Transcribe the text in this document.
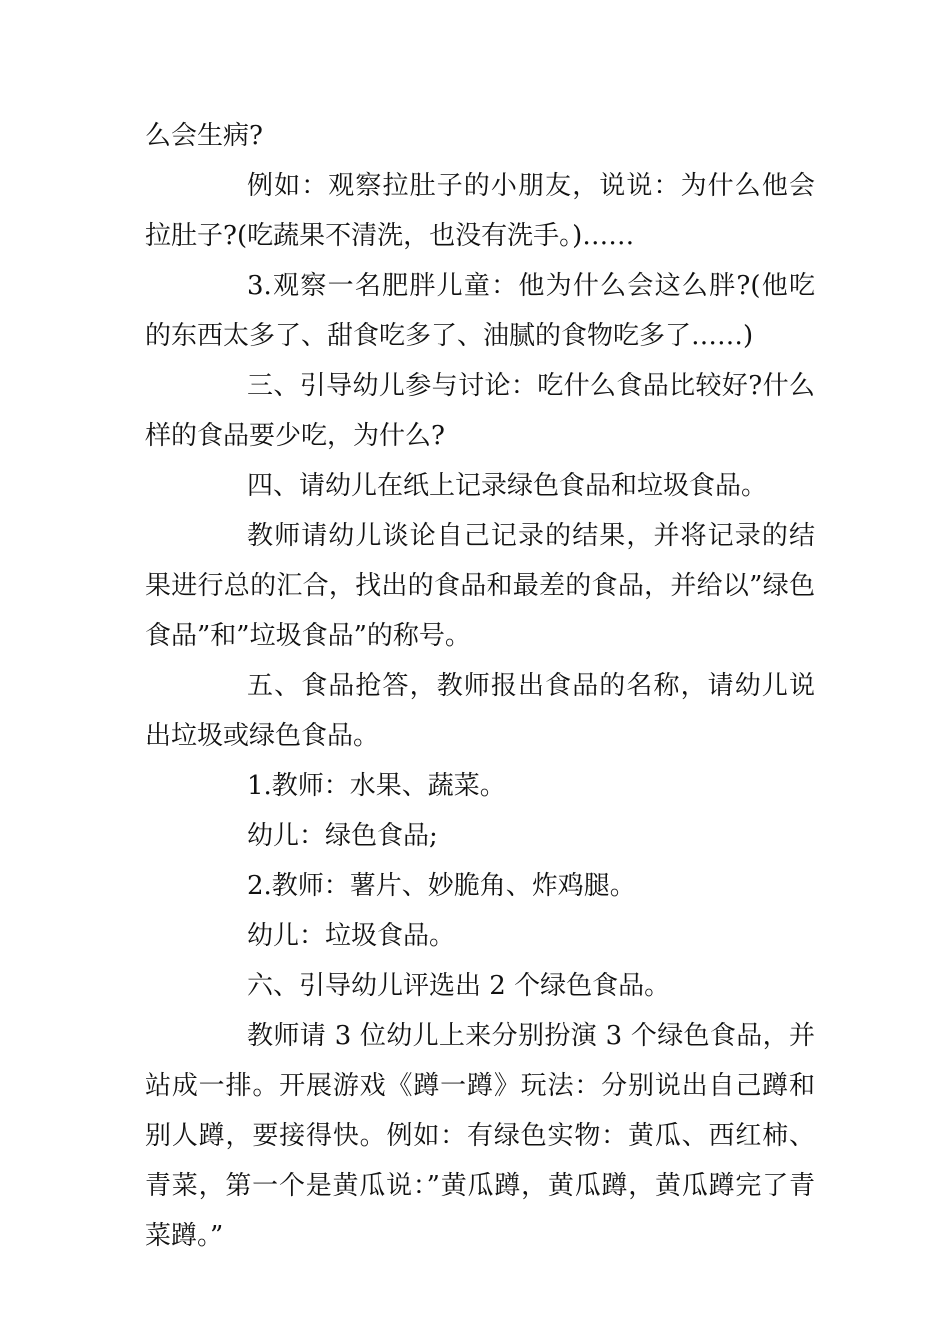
么会生病?

例如：观察拉肚子的小朋友，说说：为什么他会拉肚子?(吃蔬果不清洗，也没有洗手。)……

3.观察一名肥胖儿童：他为什么会这么胖?(他吃的东西太多了、甜食吃多了、油腻的食物吃多了……)

三、引导幼儿参与讨论：吃什么食品比较好?什么样的食品要少吃，为什么?

四、请幼儿在纸上记录绿色食品和垃圾食品。

教师请幼儿谈论自己记录的结果，并将记录的结果进行总的汇合，找出的食品和最差的食品，并给以”绿色食品”和”垃圾食品”的称号。

五、食品抢答，教师报出食品的名称，请幼儿说出垃圾或绿色食品。

1.教师：水果、蔬菜。

幼儿：绿色食品;

2.教师：薯片、妙脆角、炸鸡腿。

幼儿：垃圾食品。

六、引导幼儿评选出 2 个绿色食品。

教师请 3 位幼儿上来分别扮演 3 个绿色食品，并站成一排。开展游戏《蹲一蹲》玩法：分别说出自己蹲和别人蹲，要接得快。例如：有绿色实物：黄瓜、西红柿、青菜，第一个是黄瓜说：”黄瓜蹲，黄瓜蹲，黄瓜蹲完了青菜蹲。”
